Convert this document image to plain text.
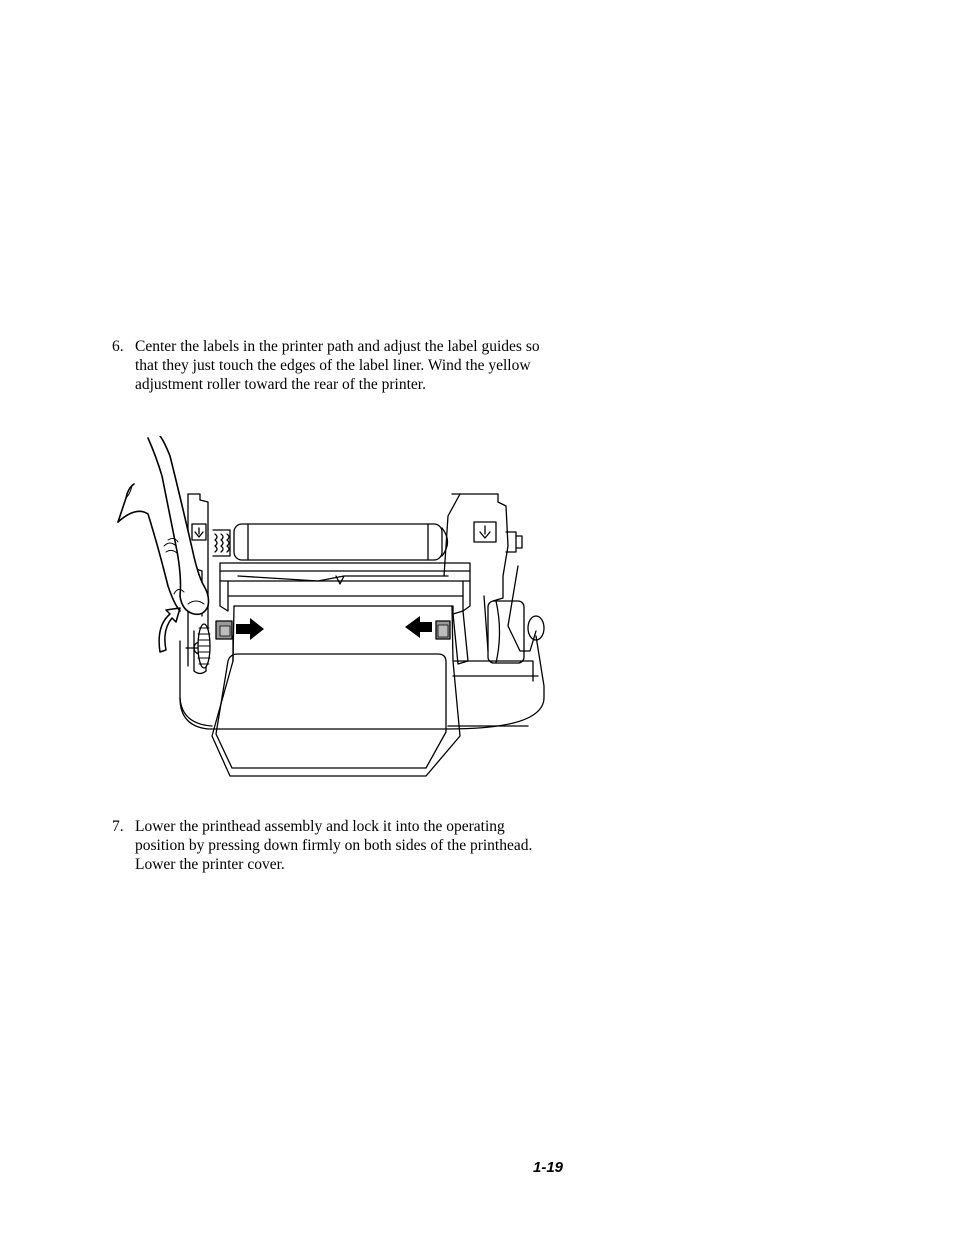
6. Center the labels in the printer path and adjust the label guides so that they just touch the edges of the label liner. Wind the yellow adjustment roller toward the rear of the printer.
7. Lower the printhead assembly and lock it into the operating position by pressing down firmly on both sides of the printhead. Lower the printer cover.
1-19
